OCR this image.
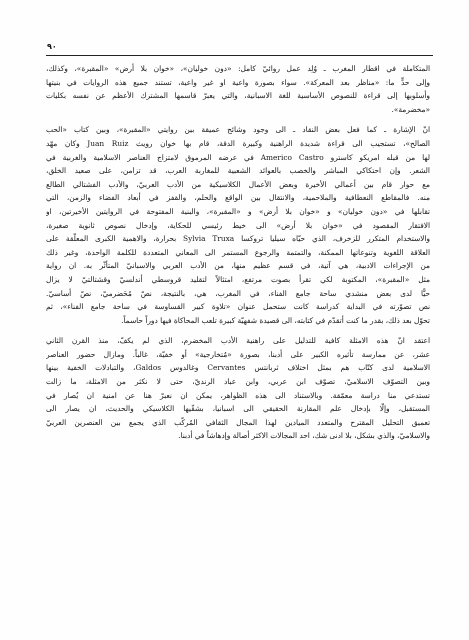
٩٠
المتكاملة في اقطار المغرب ـ وُلِد عمل روائيّ كامل: «دون خوليان»، «خوان بلا أرض» «المقبرة»، وكذلك،
وإلى حدٍّ ما: «مناظر بعد المعركة». سواء بصورة واعية او غير واعية، تستند جميع هذه الروايات في بنيتها
وأسلوبها إلى قراءة للنصوص الأساسية للغة الاسبانية، والتي يعبرّ قاسمها المشترك الأعظم عن نفسه بكليات
«مخضرمة».
انّ الإشارة ـ كما فعل بعض النقاد ـ الى وجود وشائج عميقة بين روايتي «المقبرة»، وبين كتاب «الحب
الصالح»، تستجيب الى قراءة شديدة الراهنية وكبيرة الدقة، قام بها خوان رويث Juan Ruiz وكان مهّد
لها من قبله امريكو كاسترو Americo Castro في عرضه المرموق لامتزاج العناصر الاسلامية والغربية في
الشعر. وإن احتكاكي المباشر والخصب بالعوائد الشعبية للمغاربة العرب، قد تزامن، على صعيد الخلق،
مع حوار قام بين أعمالي الأخيرة وبعض الأعمال الكلاسيكية من الأدب العربيّ، والأدب الفشتالي الطالع
منه. فالمقاطع النعطافية والملاحمية، والانتقال بين الواقع والحلم، والقفز في أبعاد الفضاء والزمن، التي
تقابلها في «دون خوليان» و «خوان بلا أرض» و «المقبرة»، والبنية المفتوحة في الروايتين الأخيرتين، او
الافتقار المقصود في «خوان بلا أرض» الى خيط رئيسي للحكاية، وإدخال نصوص ثانوية صغيرة،
والاستخدام المتكرر للزخرف، الذي حيّاه سيليا تروكسا Sylvia Truxa بحرارة، والاهمية الكبرى المعلّقة على
العلاقة اللغوية وتنوعاتها الممكنة، والتمتمة والرجوع المستمر الى المعاني المتعددة للكلمة الواحدة، وغير ذلك
من الإجراءات الادبية، هي آتية، في قسم عظيم منها، من الأدب العربي والاسبانيّ المتأثّر به. ان رواية
مثل «المقبرة»، المكتوبة لكي تقرأ بصوت مرتفع، امتثالاً لتقليد قروسطي أندلسيّ وقشتالتيّ لا يزال
حيًّا لدى بعض منشدي ساحة جامع الفناء، في المغرب، هي، بالنتيجة، نصّ مُحَضرميّ، نصّ أساسيّ.
نص تصوّرته في البداية كدراسة كانت ستحمل عنوان «تلاوة كبير القساوسة في ساحة جامع الفناء»، ثم
تحوّل بعد ذلك، بقدر ما كنت أتقدّم في كتابته، الى قصيدة شفهيّة كبيرة تلعب المحاكاة فيها دوراً حاسماً.
اعتقد انّ هذه الامثلة كافية للتدليل على راهنية الأدب المخضرم، الذي لم يكفّ، منذ القرن الثاني
عشر، عن ممارسة تأثيره الكبير على أدبنا، بصورة «مُتخارجية» أو خفيّة، غالباً. ومازال حضور العناصر
الاسلامية لدى كتّاب هم بمثل اختلاف ثربانتس Cervantes وغالدوس Galdos، والتبادلات الخفية بينها
وبين التصوّف الاسلاميّ، تصوّف ابن عربي، وابن عباد الرنديّ، حتى لا نكثر من الامثلة، ما زالت
تستدعي منا دراسة معمّقة. وبالاستناد الى هذه الظواهر، يمكن ان نعبرّ هنا عن امنية ان يُصار في
المستقبل، وإلّا بإدخال علم المقارنة الحقيقي الى اسبانيا، بشقّيها الكلاسيكي والحديث، ان يصار الى
تعميق التحليل المقترح والمتعدد الميادين لهذا المجال الثقافي المُركّب الذي يجمع بين العنصرين العربيّ
والاسلاميّ، والذي بشكل، بلا ادنى شك، احد المجالات الاكثر أصالة وإدهاشاً في أدبنا.
